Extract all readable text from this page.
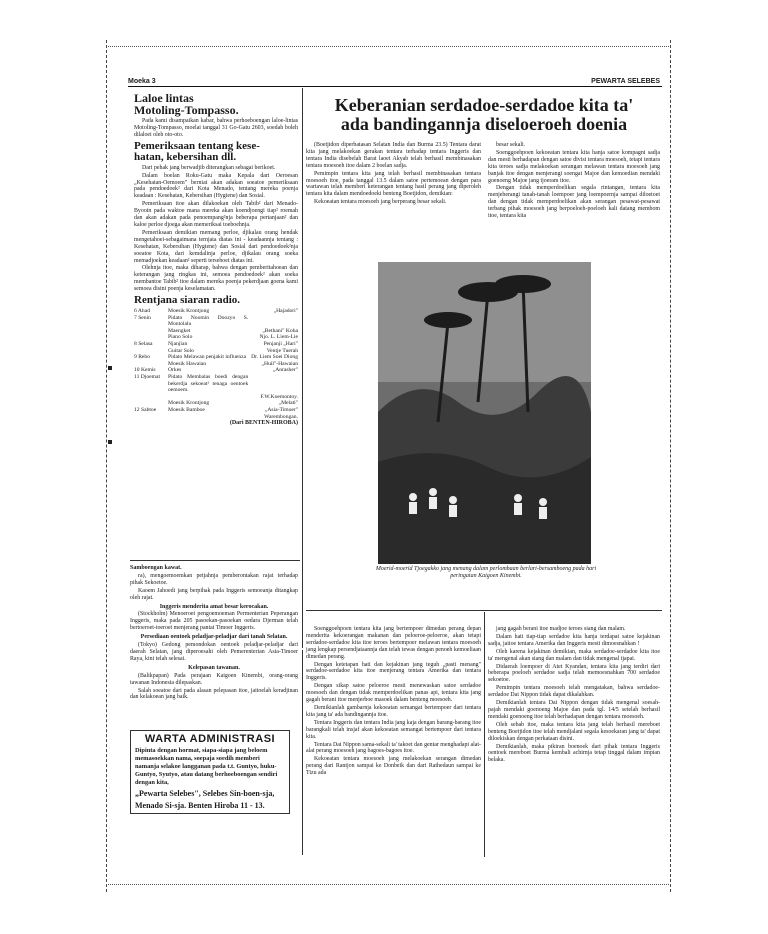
Moeka 3	PEWARTA SELEBES
Laloe lintas
Motoling-Tompasso.

Pada kami disampaikan kabar, bahwa perhoeboengan laloe-lintas Motoling-Tompasso, moelai tanggal 31 Go-Gatu 2603, soedah boleh dilaloei oleh oto-oto.

Pemeriksaan tentang kese-
hatan, kebersihan dll.

Dari pehak jang berwadjib diterangkan sebagai berikoet.

Dalam boelan Roku-Gatu maka Kepala dari Oeroesan „Kesehatan-Oemoem" berniat akan adakan soeatoe pemeriksaan pada pendoedoek² dari Kota Menado, tentang mereka poenja keadaan : Kesehatan, Kebersihan (Hygiene) dan Sosial.

Pemeriksaan itoe akan dilakoekan oleh Tabib² dari Menado-Byooin pada waktoe mana mereka akan koendjoengi tiap² roemah dan akan adakan pada penoempang²nja beberapa pertanjaan² dan kaloe perloe djoega akan memeriksai toeboehnja.

Pemeriksaan demikian memang perloe, djikalau orang hendak mengetahoei-sebagaimana ternjata diatas ini - keadaannja tentang : Kesehatan, Kebersihan (Hygiene) dan Sosial dari pendoedoek²nja soeatoe Kota, dari kemdalinja perloe, djikalau orang soeka memadjoekan keadaan² seperti terseboet diatas ini.

Olehnja itoe, maka diharap, bahwa dengan pemberitahoean dan keterangan jang ringkas ini, semoea pendoedoek² akan soeka membantoe Tabib² itoe dalam mereka poenja pekerdjaan goena kami semoea disini poenja keselamatan.

Rentjana siaran radio.
6 Ahad	Moesik Krontjong	„Hajadori"
7 Senin	Pidato Noomin Doozyo S. Montolalu	
	Maengket	„Bethani" Koha
	Piano Solo	Njo. L. Liem-Lie
8 Selasa	Njanjian	Penjanji „Hari"
	Guitar Solo	Ventje Tuerah
9 Rebo	Pidato Melawan penjakit influenza	Dr. Liem Soei Diong
	Moesik Hawaian	„Huil"-Hawaian
10 Kemis	Orkes	„Anrasher"
11 Djoemat	Pidato Membalas boedi dengan bekerdja sekoeat² tenaga oentoek oemoem.	
		F.W.Koemontoy.
	Moesik Krontjong	„Melati"
12 Sabtoe	Moesik Bamboe	„Asia-Timoer" Warembongan.
(Dari BENTEN-HIROBA)
Samboengan kawat.

ra), mengoemoemkan petjahnja pemberontakan rajat terhadap pihak Sekoetoe.

Kaoem Jahoedi jang berpihak pada Inggeris semoeanja ditangkap oleh rajat.

Inggeris menderita amat besar kerocakan.

(Stockholm) Menoeroet pengoemoeman Permenterian Peperangan Inggeris, maka pada 205 pasoekan-pasoekan oedara Djerman telah bertoeroet-toeroet menjerang pantai Timoer Inggeris.

Persediaan oentoek peladjar-peladjar dari tanah Selatan.

(Tokyo) Gedong pemondokan oentoek peladjar-peladjar dari daerah Selatan, jang diperoesahi oleh Pemerenterian Asia-Timoer Raya, kini telah selesai.

Kelepasan tawanan.

(Balikpapan) Pada perajaan Kaigoen Kinembi, orang-orang tawanan Indonesia dilepaskan.

Salah soeatoe dari pada alasan pelepasan itoe, jaitoelah keradjinan dan kelakoean jang baik.

WARTA ADMINISTRASI
Dipinta dengan hormat, siapa-siapa jang beloem memasoekkan nama, soepaja soedih memberi namanja selakoe langganan pada t.t. Guntyo, huku-Guntyo, Syutyo, atau datang berhoeboengan sendiri dengan kita,
„Pewarta Selebes", Selebes Sin-boen-sja,
Menado Si-sja. Benten Hiroba 11 - 13.
Keberanian serdadoe-serdadoe kita ta'
ada bandingannja diseloeroeh doenia

(Boetjidon diperbatasan Selatan India dan Burma 23.5) Tentara darat kita jang melakoekan gerakan tentara terhadap tentara Inggeris dan tentara India disebelah Barat laoet Akyab telah berhasil membinasakan tentara moesoeh itoe dalam 2 boelan sadja.

Pemimpin tentara kita jang telah berhasil membinasakan tentara moesoeh itoe, pada tanggal 13.5 dalam satoe pertemoean dengan para wartawan telah memberi keterangan tentang hasil perang jang diperoleh tentara kita dalam mendoedoeki benteng Boetjidon, demikian:

Kekoeatan tentara moesoeh jang berperang besar sekali.

besar sekali.

Soenggoehpoen kekoeatan tentara kita hanja satoe kompagni sadja dan mesti berhadapan dengan satoe divisi tentara moesoeh, tetapi tentara kita teroes sadja melakoekan serangan melawan tentara moesoeh jang banjak itoe dengan menjerangi soengai Majoe dan kemoedian mendaki goenoeng Majoe jang tjoeram itoe.

Dengan tidak memperdoelikan segala rintangan, tentara kita menjeberangi tanah-tanah loempoer jang loempoernja sampai diloetoet dan dengan tidak memperdoelikan akan serangan pesawat-pesawat terbang pihak moesoeh jang berpoeloeh-poeloeh kali datang membom itoe, tentara kita

Moerid-moerid Tjoegakko jang menang dalam perlombaan berlari-bersamboeng pada hari peringatan Kaigoen Kinembi.

Soenggoehpoen tentara kita jang bertempoer dimedan perang depan menderita kekoerangan makanan dan peloeroe-peloeroe, akan tetapi serdadoe-serdadoe kita itoe teroes bertempoer melawan tentara moesoeh jang lengkap persendjataannja dan telah tewas dengan penoeh kemoeliaan dimedan perang.

Dengan ketetapan hati dan kejakinan jang teguh „pasti menang" serdadoe-serdadoe kita itoe menjerang tentara Amerika dan tentara Inggeris.

Dengan sikap satoe peloeroe mesti menewaskan satoe serdadoe moesoeh dan dengan tidak memperdoelikan panas api, tentara kita jang gagah berani itoe menjerboe masoek dalam benteng moesoeh.

Demikianlah gambarnja kekoeatan semangat bertempoer dari tentara kita jang ta' ada bandingannja itoe.

Tentara Inggeris dan tentara India jang kaja dengan barang-barang itoe barangkali telah insjaf akan kekoeatan semangat bertempoer dari tentara kita.

Tentara Dai Nippon sama-sekali ta' takoet dan gentar menghadapi alat-alat perang moesoeh jang bagoes-bagoes itoe.

Kekoeatan tentara moesoeh jang melakoekan serangan dimedan perang dari Rantjon sampai ke Donbeik dan dari Rathedaun sampai ke Tizu ada

jang gagah berani itoe madjoe teroes siang dan malam.

Dalam hati tiap-tiap serdadoe kita hanja terdapat satoe kejakinan sadja, jaitoe tentara Amerika dan Inggeris mesti dimoesnahkan !

Oleh karena kejakinan demikian, maka serdadoe-serdadoe kita itoe ta' mengenal akan siang dan malam dan tidak mengenal tjapai.

Didaerah loempoer di Atet Kyandan, tentara kita jang terdiri dari beberapa poeloeh serdadoe sadja telah memoesnahkan 700 serdadoe sekoetoe.

Pemimpin tentara moesoeh telah mengatakan, bahwa serdadoe-serdadoe Dai Nippon tidak dapat dikalahkan.

Demikianlah tentara Dai Nippon dengan tidak mengenal soesah-pajah mendaki goenoeng Majoe dan pada tgl. 14/5 setelah berhasil mendaki goenoeng itoe telah berhadapan dengan tentara moesoeh.

Oleh sebab itoe, maka tentara kita jang telah berhasil mereboet benteng Boetjidon itoe telah mendjalani segala kesoekaran jang ta' dapat diloekiskan dengan perkataan disini.

Demikianlah, maka pikiran boenoek dari pihak tentara Inggeris oentoek mereboet Burma kembali achirnja tetap tinggal dalam impian belaka.
